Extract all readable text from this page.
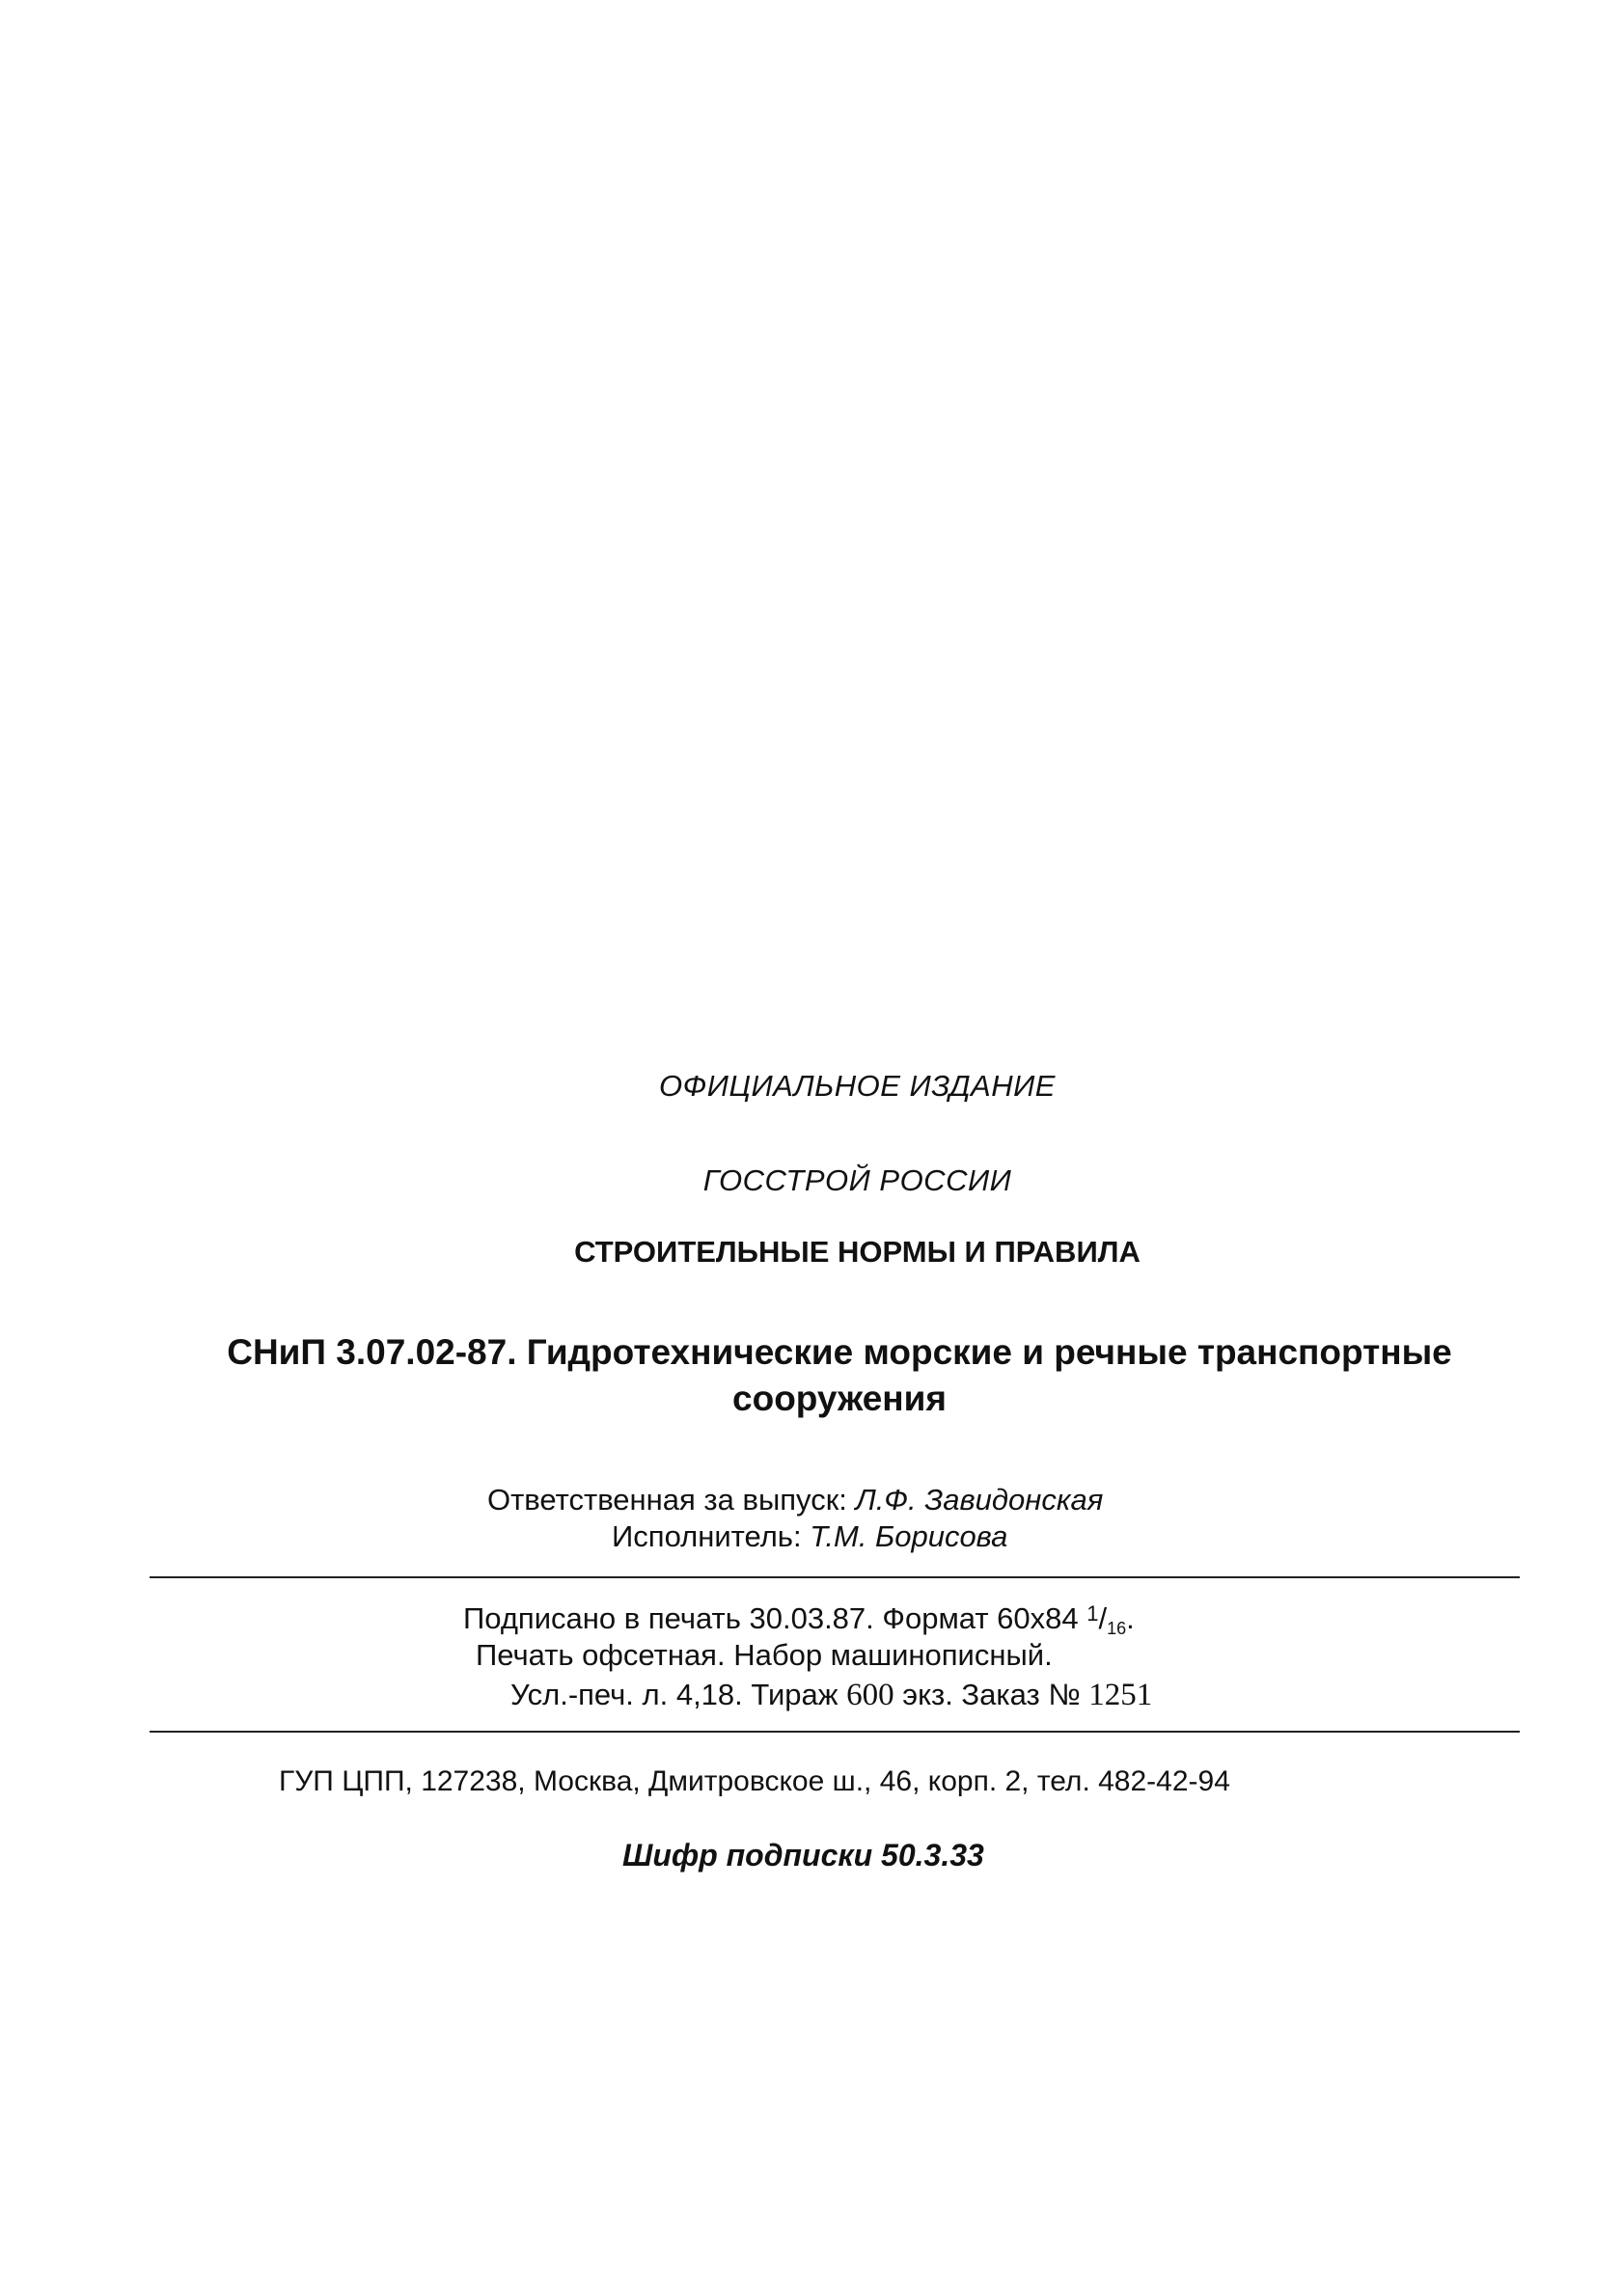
ОФИЦИАЛЬНОЕ ИЗДАНИЕ
ГОССТРОЙ РОССИИ
СТРОИТЕЛЬНЫЕ НОРМЫ И ПРАВИЛА
СНиП 3.07.02-87. Гидротехнические морские и речные транспортные сооружения
Ответственная за выпуск: Л.Ф. Завидонская
Исполнитель: Т.М. Борисова
Подписано в печать 30.03.87. Формат 60x84 $^1$/16.
Печать офсетная. Набор машинописный.
Усл.-печ. л. 4,18. Тираж 600 экз. Заказ № 1251
ГУП ЦПП, 127238, Москва, Дмитровское ш., 46, корп. 2, тел. 482-42-94
Шифр подписки 50.3.33
